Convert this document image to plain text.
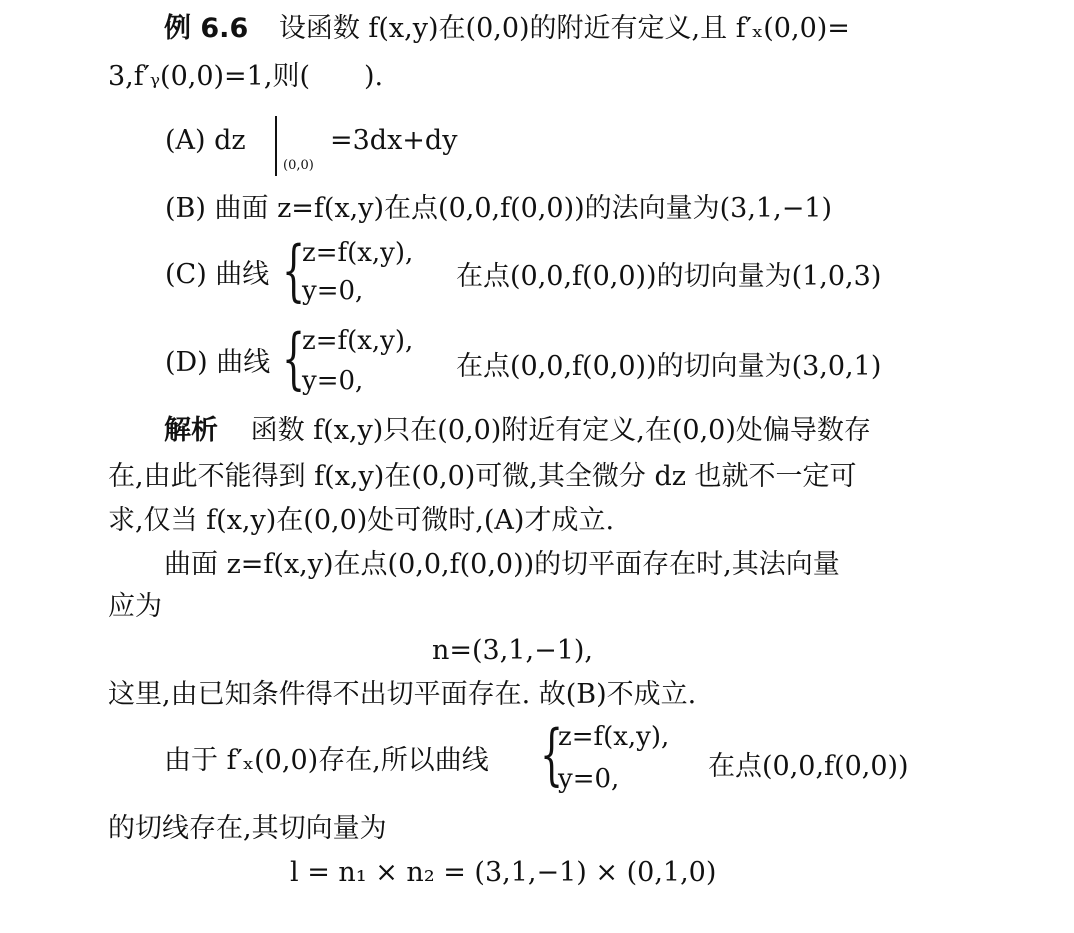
例 6.6 设函数 f(x,y)在(0,0)的附近有定义,且 f′ₓ(0,0)=
3,f′ᵧ(0,0)=1,则(　　).
(A) dz
(0,0)
=3dx+dy
(B) 曲面 z=f(x,y)在点(0,0,f(0,0))的法向量为(3,1,−1)
(C) 曲线 {
z=f(x,y),
y=0,	在点(0,0,f(0,0))的切向量为(1,0,3)
(D) 曲线 {
z=f(x,y),
y=0,	在点(0,0,f(0,0))的切向量为(3,0,1)
解析 函数 f(x,y)只在(0,0)附近有定义,在(0,0)处偏导数存
在,由此不能得到 f(x,y)在(0,0)可微,其全微分 dz 也就不一定可
求,仅当 f(x,y)在(0,0)处可微时,(A)才成立.
曲面 z=f(x,y)在点(0,0,f(0,0))的切平面存在时,其法向量
应为
n=(3,1,−1),
这里,由已知条件得不出切平面存在. 故(B)不成立.
由于 f′ₓ(0,0)存在,所以曲线 {
z=f(x,y),
y=0,	在点(0,0,f(0,0))
的切线存在,其切向量为
l = n₁ × n₂ = (3,1,−1) × (0,1,0)
